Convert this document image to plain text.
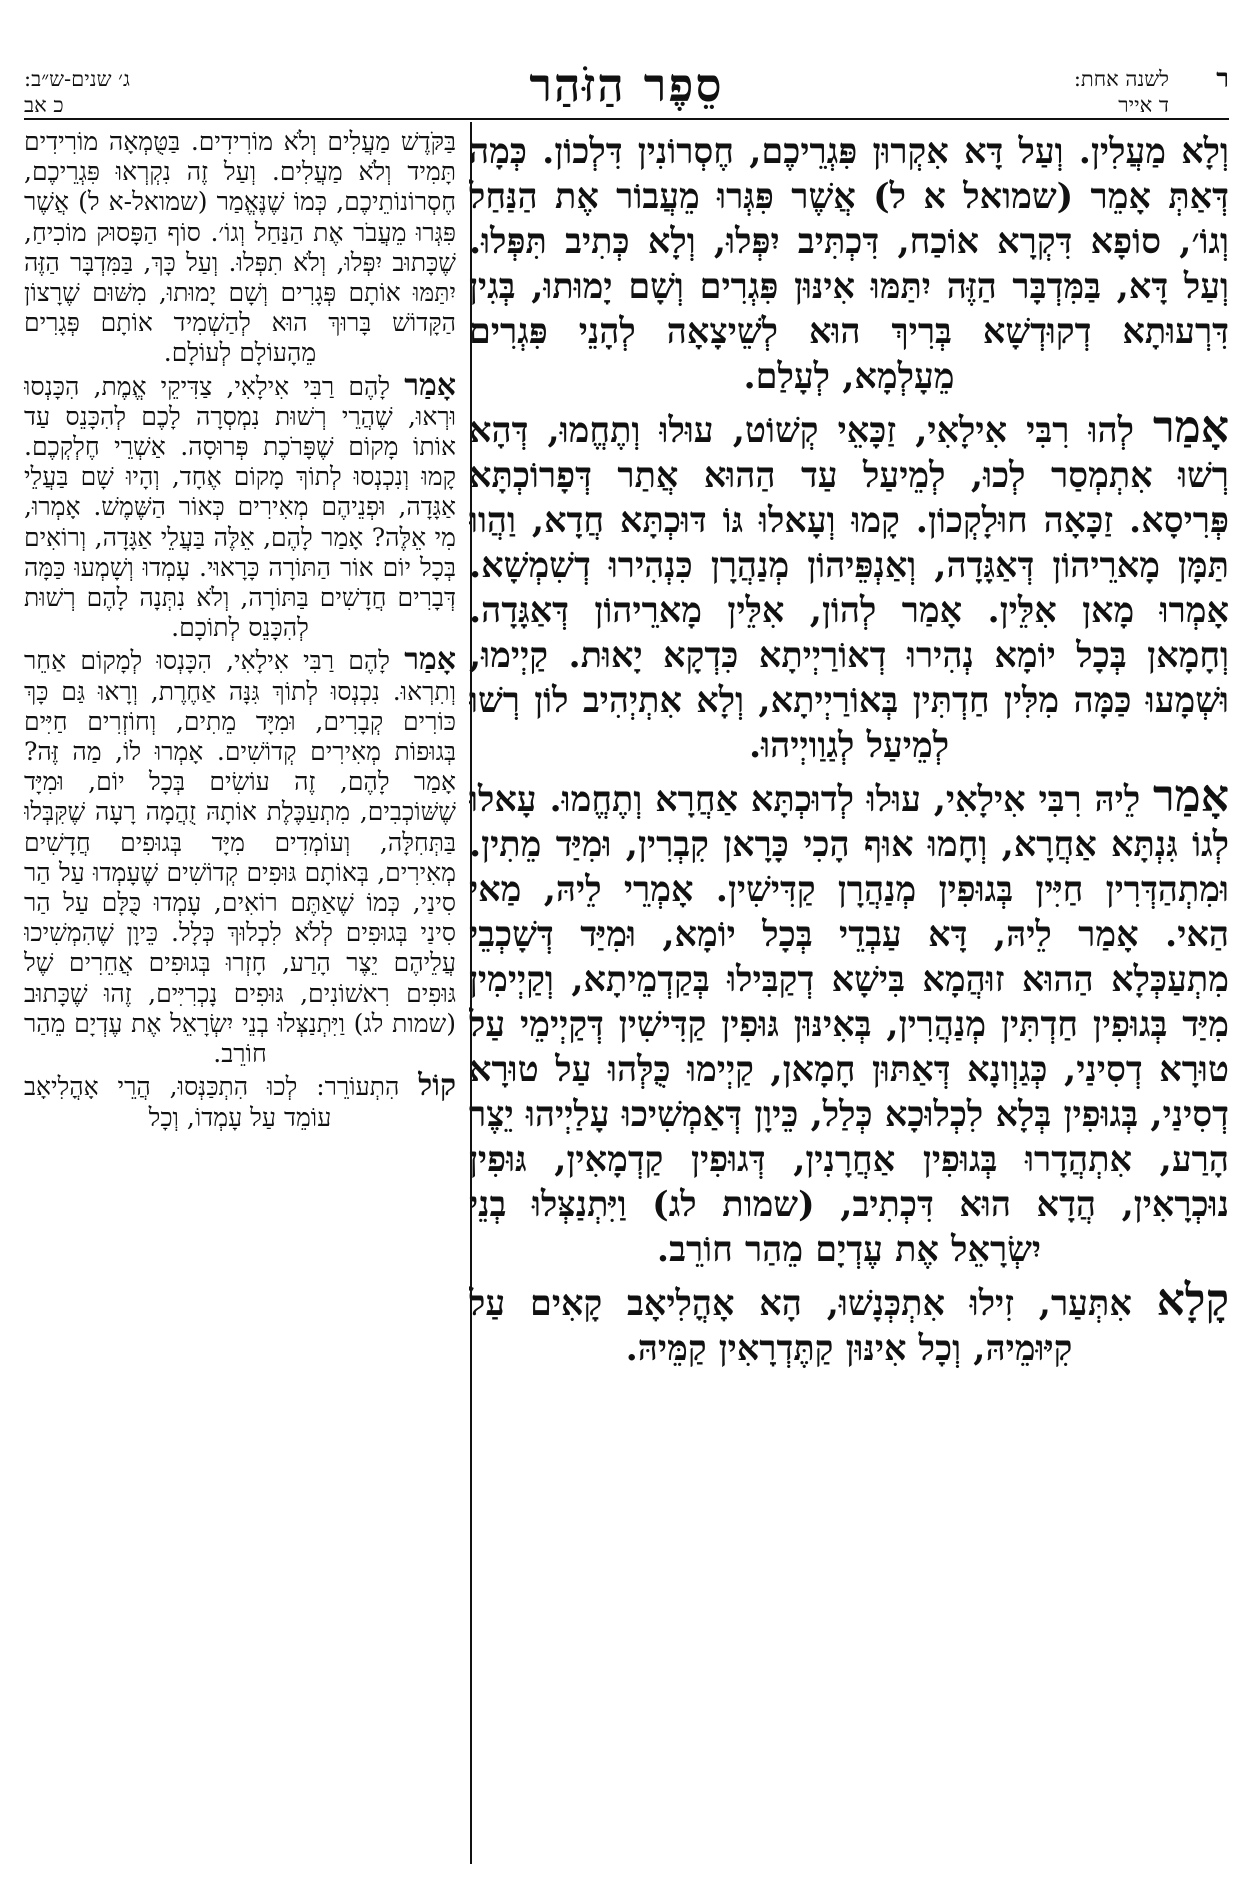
ר
לשנה אחת:
ד אייר
סֵפֶר הַזֹּהַר
ג׳ שנים-ש״ב:
כ אב

וְלָא מַעֲלִין. וְעַל דָּא אִקְרוּן פִּגְרֵיכֶם, חֶסְרוֹנִין דִּלְכוֹן. כְּמָה דְּאַתְּ אָמֵר (שמואל א ל) אֲשֶׁר פִּגְּרוּ מֵעֲבוֹר אֶת הַנַּחַל וְגוֹ׳, סוֹפָא דִּקְרָא אוֹכַח, דִּכְתִּיב יִפְּלוּ, וְלָא כְּתִיב תִּפְּלוּ. וְעַל דָּא, בַּמִּדְבָּר הַזֶּה יִתַּמּוּ אִינּוּן פִּגְרִים וְשָׁם יָמוּתוּ, בְּגִין דִּרְעוּתָא דְקוּדְשָׁא בְּרִיךְ הוּא לְשֵׁיצָאָה לְהָנֵי פִּגְרִים מֵעָלְמָא, לְעָלַם.

אָמַר לְהוּ רִבִּי אִילָאִי, זַכָּאֵי קְשׁוֹט, עוּלוּ וְתֶחֱמוּ, דְּהָא רְשׁוּ אִתְמְסַר לְכוּ, לְמֵיעַל עַד הַהוּא אֲתַר דְּפָרוֹכְתָּא פְּרִיסָא. זַכָּאָה חוּלָקְכוֹן. קָמוּ וְעָאלוּ גּוֹ דּוּכְתָּא חֲדָא, וַהֲווּ תַּמָּן מָארֵיהוֹן דְּאַגָּדָה, וְאַנְפֵּיהוֹן מְנַהֲרָן כִּנְהִירוּ דְשִׁמְשָׁא. אָמְרוּ מָאן אִלֵּין. אָמַר לְהוֹן, אִלֵּין מָארֵיהוֹן דְּאַגָּדָה. וְחָמָאן בְּכָל יוֹמָא נְהִירוּ דְאוֹרַיְיתָא כִּדְקָא יָאוּת. קַיְימוּ, וּשְׁמָעוּ כַּמָּה מִלִּין חַדְתִּין בְּאוֹרַיְיתָא, וְלָא אִתְיְהִיב לוֹן רְשׁוּ לְמֵיעַל לְגַוַויְיהוּ.

אָמַר לֵיהּ רִבִּי אִילָאִי, עוּלוּ לְדוּכְתָּא אַחֲרָא וְתֶחֱמוּ. עָאלוּ לְגוֹ גִּנְתָּא אַחֲרָא, וְחָמוּ אוּף הָכִי כָּרָאן קִבְרִין, וּמִיַּד מֵתִין. וּמִתְהַדְּרִין חַיִּין בְּגוּפִין מְנַהֲרָן קַדִּישִׁין. אָמְרֵי לֵיהּ, מַאי הַאי. אָמַר לֵיהּ, דָּא עַבְדֵי בְּכָל יוֹמָא, וּמִיַּד דְּשָׁכְבֵי מִתְעַכְּלָא הַהוּא זוּהֲמָא בִּישָׁא דְקַבִּילוּ בְּקַדְמֵיתָא, וְקַיְימִין מִיַּד בְּגוּפִין חַדְתִּין מְנַהֲרִין, בְּאִינּוּן גּוּפִין קַדִּישִׁין דְּקַיְימֵי עַל טוּרָא דְסִינַי, כְּגַוְונָא דְּאַתּוּן חָמָאן, קַיְימוּ כֻּלְּהוּ עַל טוּרָא דְסִינַי, בְּגוּפִין בְּלָא לִכְלוּכָא כְּלַל, כֵּיוָן דְּאַמְשִׁיכוּ עָלַיְיהוּ יֵצֶר הָרַע, אִתְהֲדָרוּ בְּגוּפִין אַחֲרָנִין, דְּגוּפִין קַדְמָאִין, גּוּפִין נוּכְרָאִין, הֲדָא הוּא דִּכְתִיב, (שמות לג) וַיִּתְנַצְּלוּ בְנֵי יִשְׂרָאֵל אֶת עֶדְיָם מֵהַר חוֹרֵב.

קָלָא אִתְּעַר, זִילוּ אִתְכְּנָשׁוּ, הָא אָהֳלִיאָב קָאִים עַל קִיּוּמֵיהּ, וְכָל אִינּוּן קַתֶּדְרָאִין קַמֵּיהּ.

בַּקֹּדֶשׁ מַעֲלִים וְלֹא מוֹרִידִים. בַּטֻּמְאָה מוֹרִידִים תָּמִיד וְלֹא מַעֲלִים. וְעַל זֶה נִקְרְאוּ פִּגְרֵיכֶם, חֶסְרוֹנוֹתֵיכֶם, כְּמוֹ שֶׁנֶּאֱמַר (שמואל-א ל) אֲשֶׁר פִּגְּרוּ מֵעֲבֹר אֶת הַנַּחַל וְגוֹ׳. סוֹף הַפָּסוּק מוֹכִיחַ, שֶׁכָּתוּב יִפְּלוּ, וְלֹא תִפְּלוּ. וְעַל כָּךְ, בַּמִּדְבָּר הַזֶּה יִתַּמּוּ אוֹתָם פְּגָרִים וְשָׁם יָמוּתוּ, מִשּׁוּם שֶׁרָצוֹן הַקָּדוֹשׁ בָּרוּךְ הוּא לְהַשְׁמִיד אוֹתָם פְּגָרִים מֵהָעוֹלָם לְעוֹלָם.

אָמַר לָהֶם רַבִּי אִילָאִי, צַדִּיקֵי אֱמֶת, הִכָּנְסוּ וּרְאוּ, שֶׁהֲרֵי רְשׁוּת נִמְסְרָה לָכֶם לְהִכָּנֵס עַד אוֹתוֹ מָקוֹם שֶׁפָּרֹכֶת פְּרוּסָה. אַשְׁרֵי חֶלְקְכֶם. קָמוּ וְנִכְנְסוּ לְתוֹךְ מָקוֹם אֶחָד, וְהָיוּ שָׁם בַּעֲלֵי אַגָּדָה, וּפְנֵיהֶם מְאִירִים כְּאוֹר הַשֶּׁמֶשׁ. אָמְרוּ, מִי אֵלֶּה? אָמַר לָהֶם, אֵלֶּה בַּעֲלֵי אַגָּדָה, וְרוֹאִים בְּכָל יוֹם אוֹר הַתּוֹרָה כָּרָאוּי. עָמְדוּ וְשָׁמְעוּ כַּמָּה דְּבָרִים חֲדָשִׁים בַּתּוֹרָה, וְלֹא נִתְּנָה לָהֶם רְשׁוּת לְהִכָּנֵס לְתוֹכָם.

אָמַר לָהֶם רַבִּי אִילָאִי, הִכָּנְסוּ לְמָקוֹם אַחֵר וְתִרְאוּ. נִכְנְסוּ לְתוֹךְ גִּנָּה אַחֶרֶת, וְרָאוּ גַּם כָּךְ כּוֹרִים קְבָרִים, וּמִיָּד מֵתִים, וְחוֹזְרִים חַיִּים בְּגוּפוֹת מְאִירִים קְדוֹשִׁים. אָמְרוּ לוֹ, מַה זֶּה? אָמַר לָהֶם, זֶה עוֹשִׂים בְּכָל יוֹם, וּמִיָּד שֶׁשּׁוֹכְבִים, מִתְעַכֶּלֶת אוֹתָהּ זֻהֲמָה רָעָה שֶׁקִּבְּלוּ בַּתְּחִלָּה, וְעוֹמְדִים מִיָּד בְּגוּפִים חֲדָשִׁים מְאִירִים, בְּאוֹתָם גּוּפִים קְדוֹשִׁים שֶׁעָמְדוּ עַל הַר סִינַי, כְּמוֹ שֶׁאַתֶּם רוֹאִים, עָמְדוּ כֻּלָּם עַל הַר סִינַי בְּגוּפִים לְלֹא לִכְלוּךְ כְּלָל. כֵּיוָן שֶׁהִמְשִׁיכוּ עֲלֵיהֶם יֵצֶר הָרַע, חָזְרוּ בְּגוּפִים אֲחֵרִים שֶׁל גּוּפִים רִאשׁוֹנִים, גּוּפִים נָכְרִיִּים, זֶהוּ שֶׁכָּתוּב (שמות לג) וַיִּתְנַצְּלוּ בְנֵי יִשְׂרָאֵל אֶת עֶדְיָם מֵהַר חוֹרֵב.

קוֹל הִתְעוֹרֵר: לְכוּ הִתְכַּנְּסוּ, הֲרֵי אָהֳלִיאָב עוֹמֵד עַל עָמְדוֹ, וְכָל
